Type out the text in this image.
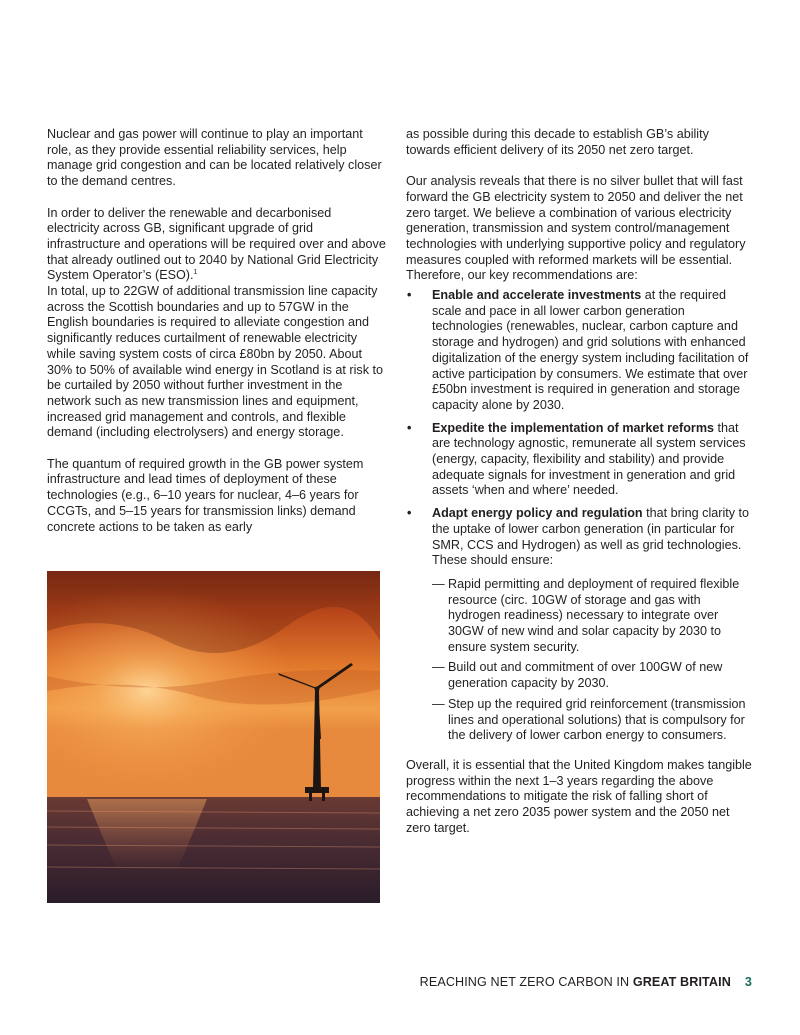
Nuclear and gas power will continue to play an important role, as they provide essential reliability services, help manage grid congestion and can be located relatively closer to the demand centres.

In order to deliver the renewable and decarbonised electricity across GB, significant upgrade of grid infrastructure and operations will be required over and above that already outlined out to 2040 by National Grid Electricity System Operator’s (ESO).$^1$
In total, up to 22GW of additional transmission line capacity across the Scottish boundaries and up to 57GW in the English boundaries is required to alleviate congestion and significantly reduces curtailment of renewable electricity while saving system costs of circa £80bn by 2050. About 30% to 50% of available wind energy in Scotland is at risk to be curtailed by 2050 without further investment in the network such as new transmission lines and equipment, increased grid management and controls, and flexible demand (including electrolysers) and energy storage.

The quantum of required growth in the GB power system infrastructure and lead times of deployment of these technologies (e.g., 6–10 years for nuclear, 4–6 years for CCGTs, and 5–15 years for transmission links) demand concrete actions to be taken as early

as possible during this decade to establish GB’s ability towards efficient delivery of its 2050 net zero target.

Our analysis reveals that there is no silver bullet that will fast forward the GB electricity system to 2050 and deliver the net zero target. We believe a combination of various electricity generation, transmission and system control/management technologies with underlying supportive policy and regulatory measures coupled with reformed markets will be essential. Therefore, our key recommendations are:

• Enable and accelerate investments at the required scale and pace in all lower carbon generation technologies (renewables, nuclear, carbon capture and storage and hydrogen) and grid solutions with enhanced digitalization of the energy system including facilitation of active participation by consumers. We estimate that over £50bn investment is required in generation and storage capacity alone by 2030.
• Expedite the implementation of market reforms that are technology agnostic, remunerate all system services (energy, capacity, flexibility and stability) and provide adequate signals for investment in generation and grid assets ‘when and where’ needed.
• Adapt energy policy and regulation that bring clarity to the uptake of lower carbon generation (in particular for SMR, CCS and Hydrogen) as well as grid technologies. These should ensure:
— Rapid permitting and deployment of required flexible resource (circ. 10GW of storage and gas with hydrogen readiness) necessary to integrate over 30GW of new wind and solar capacity by 2030 to ensure system security.
— Build out and commitment of over 100GW of new generation capacity by 2030.
— Step up the required grid reinforcement (transmission lines and operational solutions) that is compulsory for the delivery of lower carbon energy to consumers.

Overall, it is essential that the United Kingdom makes tangible progress within the next 1–3 years regarding the above recommendations to mitigate the risk of falling short of achieving a net zero 2035 power system and the 2050 net zero target.

REACHING NET ZERO CARBON IN GREAT BRITAIN 3
